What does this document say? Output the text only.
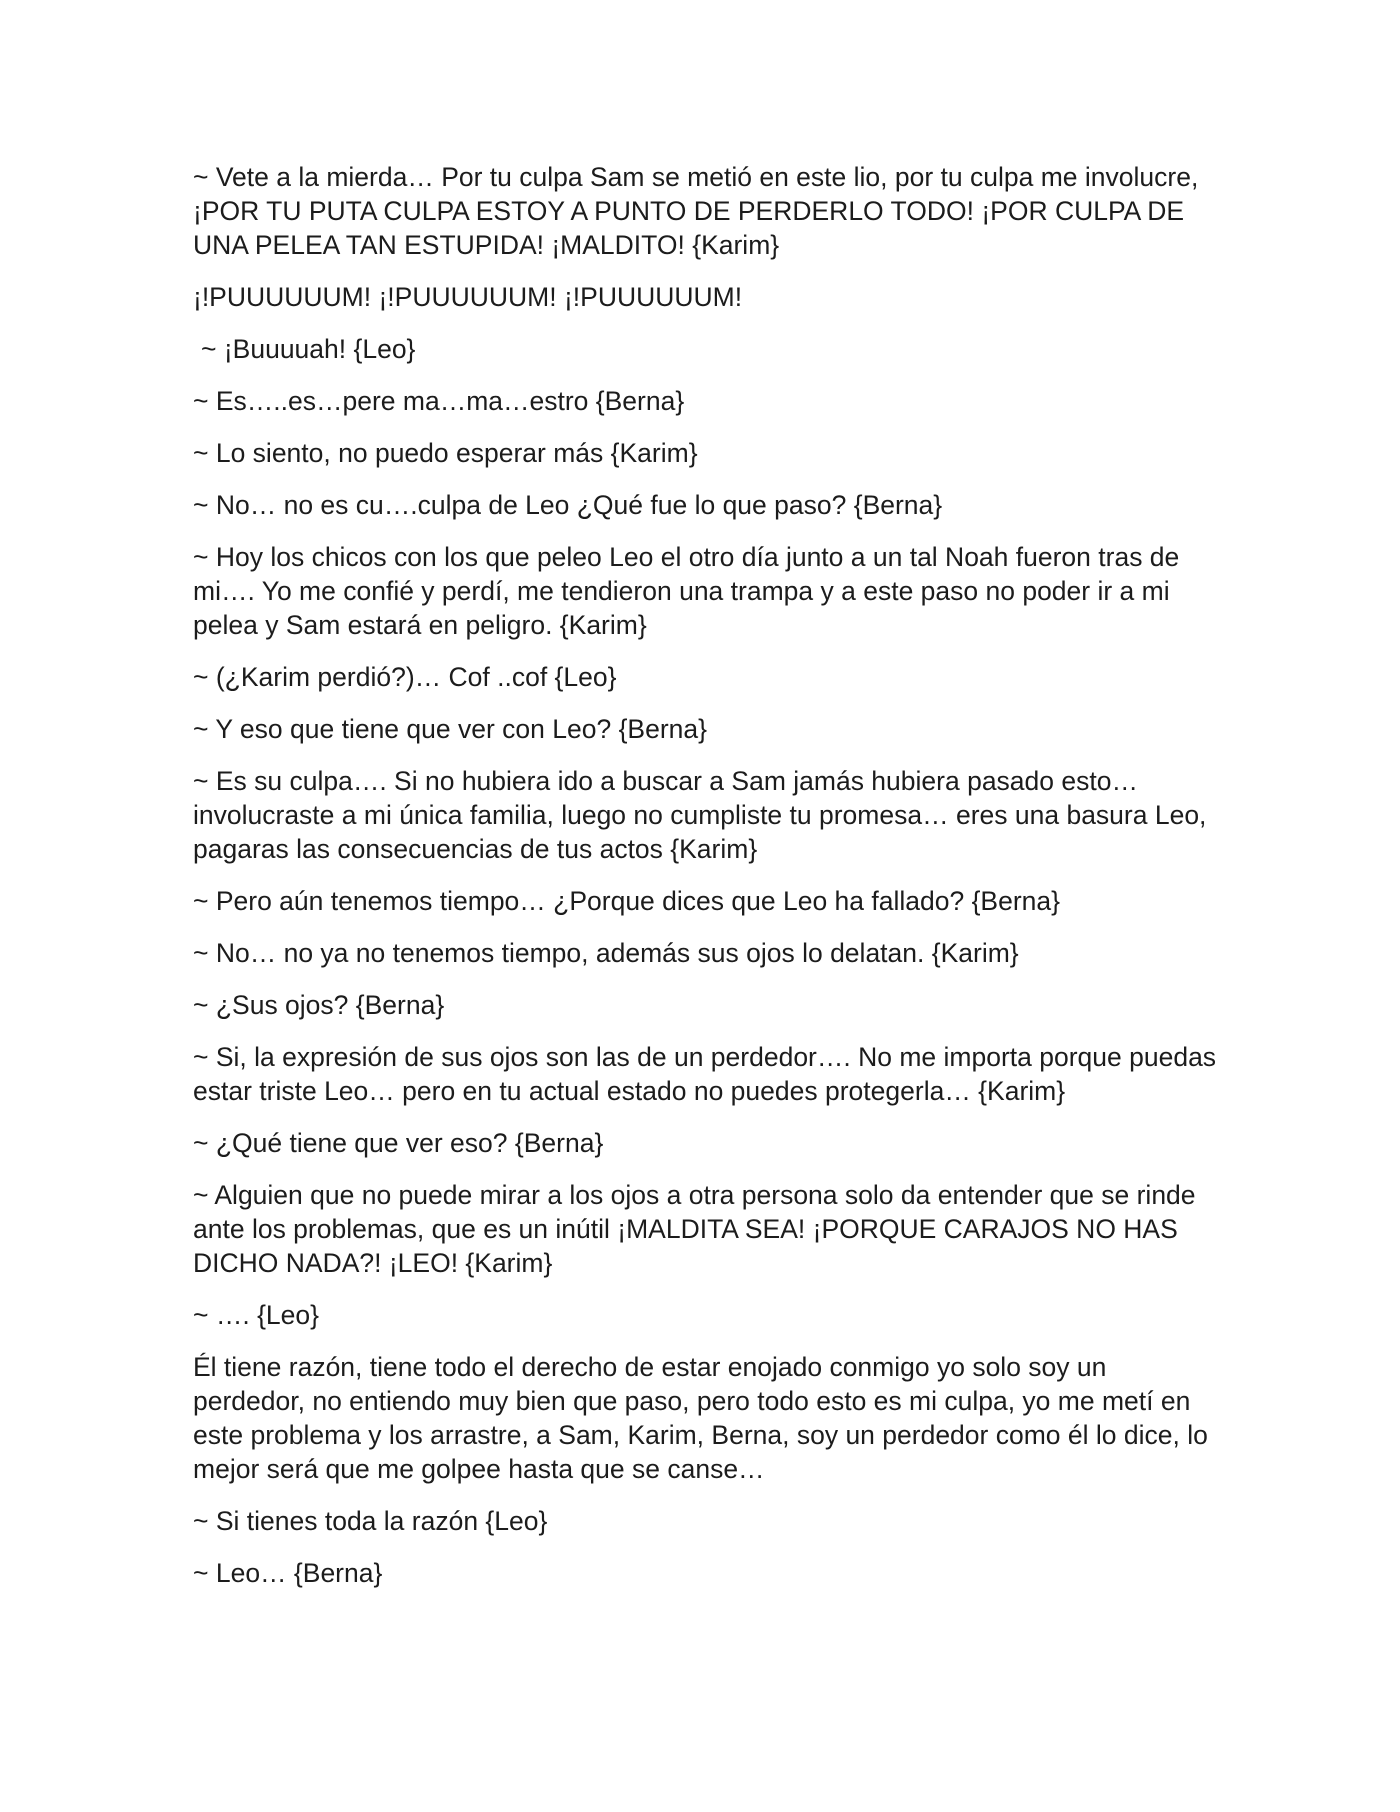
~ Vete a la mierda… Por tu culpa Sam se metió en este lio, por tu culpa me involucre, ¡POR TU PUTA CULPA ESTOY A PUNTO DE PERDERLO TODO! ¡POR CULPA DE UNA PELEA TAN ESTUPIDA! ¡MALDITO! {Karim}

¡!PUUUUUUM! ¡!PUUUUUUM! ¡!PUUUUUUM!

~ ¡Buuuuah! {Leo}

~ Es…..es…pere ma…ma…estro {Berna}

~ Lo siento, no puedo esperar más {Karim}

~ No… no es cu….culpa de Leo ¿Qué fue lo que paso? {Berna}

~ Hoy los chicos con los que peleo Leo el otro día junto a un tal Noah fueron tras de mi…. Yo me confié y perdí, me tendieron una trampa y a este paso no poder ir a mi pelea y Sam estará en peligro. {Karim}

~ (¿Karim perdió?)… Cof ..cof {Leo}

~ Y eso que tiene que ver con Leo? {Berna}

~ Es su culpa…. Si no hubiera ido a buscar a Sam jamás hubiera pasado esto… involucraste a mi única familia, luego no cumpliste tu promesa… eres una basura Leo, pagaras las consecuencias de tus actos {Karim}

~ Pero aún tenemos tiempo… ¿Porque dices que Leo ha fallado? {Berna}

~ No… no ya no tenemos tiempo, además sus ojos lo delatan. {Karim}

~ ¿Sus ojos? {Berna}

~ Si, la expresión de sus ojos son las de un perdedor…. No me importa porque puedas estar triste Leo… pero en tu actual estado no puedes protegerla… {Karim}

~ ¿Qué tiene que ver eso? {Berna}

~ Alguien que no puede mirar a los ojos a otra persona solo da entender que se rinde ante los problemas, que es un inútil ¡MALDITA SEA! ¡PORQUE CARAJOS NO HAS DICHO NADA?! ¡LEO! {Karim}

~ …. {Leo}

Él tiene razón, tiene todo el derecho de estar enojado conmigo yo solo soy un perdedor, no entiendo muy bien que paso, pero todo esto es mi culpa, yo me metí en este problema y los arrastre, a Sam, Karim, Berna, soy un perdedor como él lo dice, lo mejor será que me golpee hasta que se canse…

~ Si tienes toda la razón {Leo}

~ Leo… {Berna}
